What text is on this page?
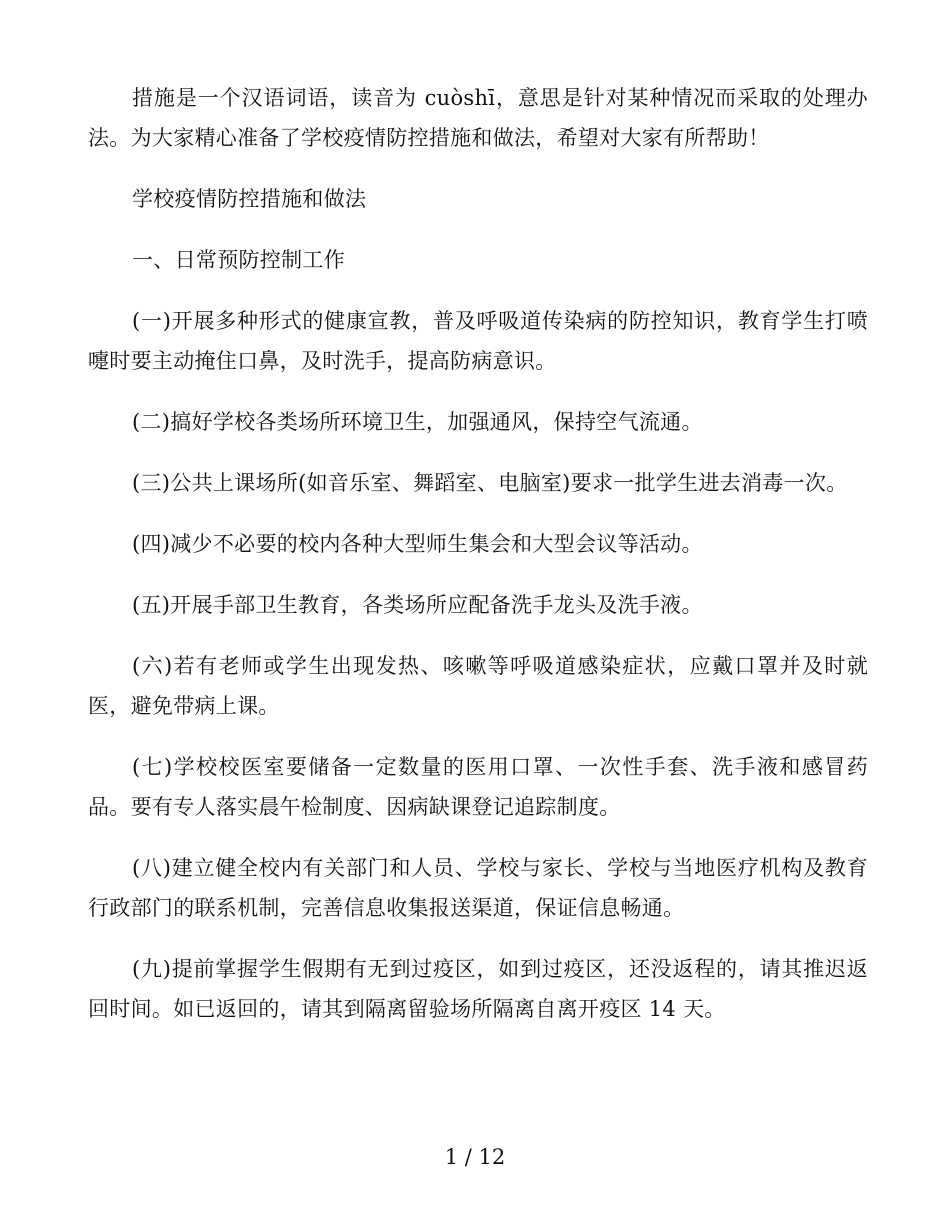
措施是一个汉语词语，读音为 cuòshī，意思是针对某种情况而采取的处理办法。为大家精心准备了学校疫情防控措施和做法，希望对大家有所帮助！

学校疫情防控措施和做法

一、日常预防控制工作

(一)开展多种形式的健康宣教，普及呼吸道传染病的防控知识，教育学生打喷嚏时要主动掩住口鼻，及时洗手，提高防病意识。

(二)搞好学校各类场所环境卫生，加强通风，保持空气流通。

(三)公共上课场所(如音乐室、舞蹈室、电脑室)要求一批学生进去消毒一次。

(四)减少不必要的校内各种大型师生集会和大型会议等活动。

(五)开展手部卫生教育，各类场所应配备洗手龙头及洗手液。

(六)若有老师或学生出现发热、咳嗽等呼吸道感染症状，应戴口罩并及时就医，避免带病上课。

(七)学校校医室要储备一定数量的医用口罩、一次性手套、洗手液和感冒药品。要有专人落实晨午检制度、因病缺课登记追踪制度。

(八)建立健全校内有关部门和人员、学校与家长、学校与当地医疗机构及教育行政部门的联系机制，完善信息收集报送渠道，保证信息畅通。

(九)提前掌握学生假期有无到过疫区，如到过疫区，还没返程的，请其推迟返回时间。如已返回的，请其到隔离留验场所隔离自离开疫区 14 天。

1 / 12
